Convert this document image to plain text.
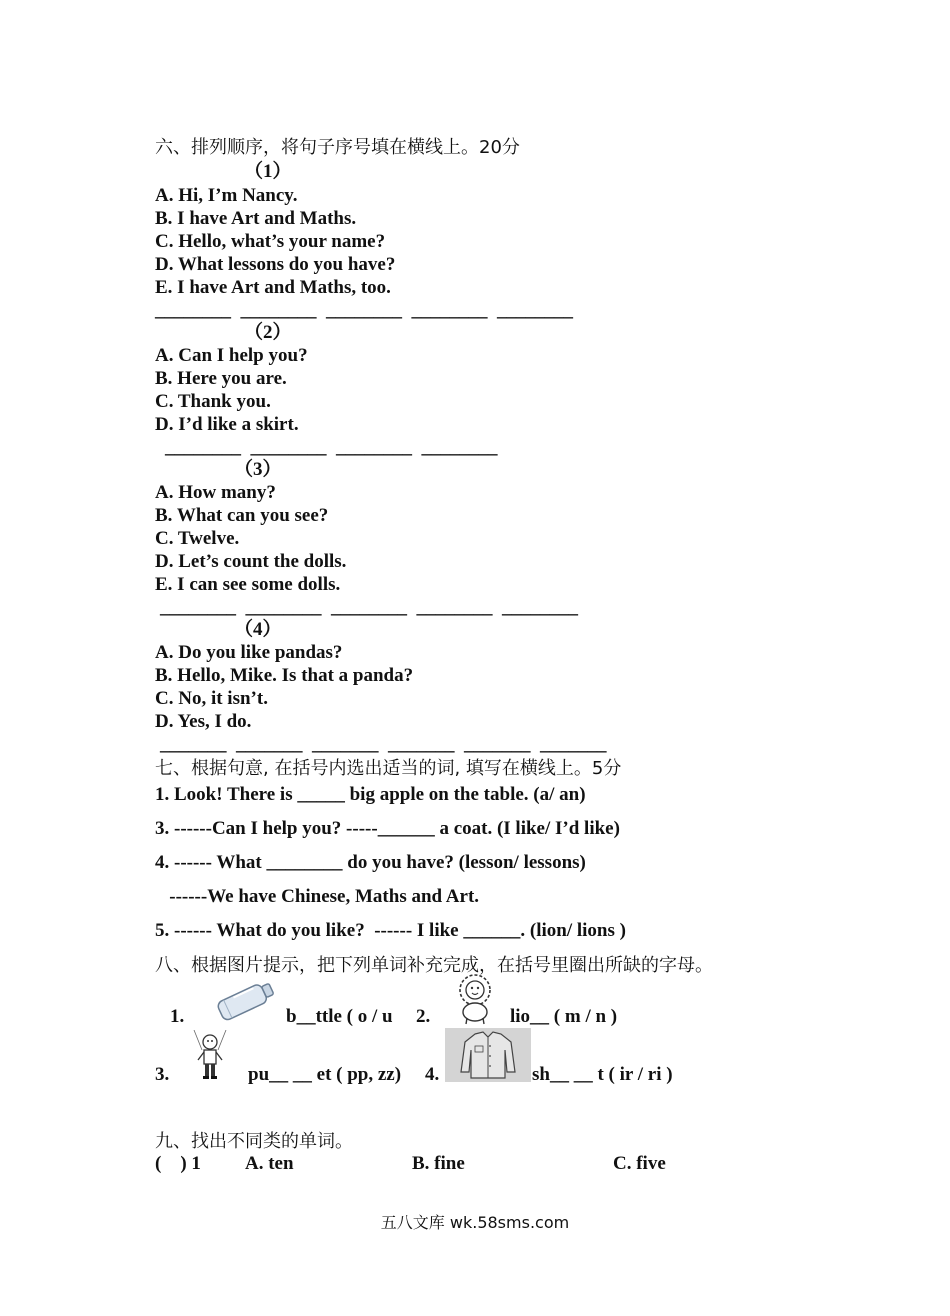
六、排列顺序，将句子序号填在横线上。20分
（1）
A. Hi, I’m Nancy.
B. I have Art and Maths.
C. Hello, what’s your name?
D. What lessons do you have?
E. I have Art and Maths, too.
________  ________  ________  ________  ________
（2）
A. Can I help you?
B. Here you are.
C. Thank you.
D. I’d like a skirt.
________  ________  ________  ________
（3）
A. How many?
B. What can you see?
C. Twelve.
D. Let’s count the dolls.
E. I can see some dolls.
________  ________  ________  ________  ________
（4）
A. Do you like pandas?
B. Hello, Mike. Is that a panda?
C. No, it isn’t.
D. Yes, I do.
_______  _______  _______  _______  _______  _______
七、根据句意, 在括号内选出适当的词, 填写在横线上。5分
1. Look! There is _____ big apple on the table. (a/ an)
3. ------Can I help you? -----______ a coat. (I like/ I’d like)
4. ------ What ________ do you have? (lesson/ lessons)
------We have Chinese, Maths and Art.
5. ------ What do you like?  ------ I like ______. (lion/ lions )
八、根据图片提示，把下列单词补充完成，在括号里圈出所缺的字母。
1.	b__ttle ( o / u 2.	lio__ ( m / n )
3.	pu__ __ et ( pp, zz) 4.	sh__ __ t ( ir / ri )
九、找出不同类的单词。
(    ) 1 A. ten	B. fine	C. five
五八文库 wk.58sms.com
